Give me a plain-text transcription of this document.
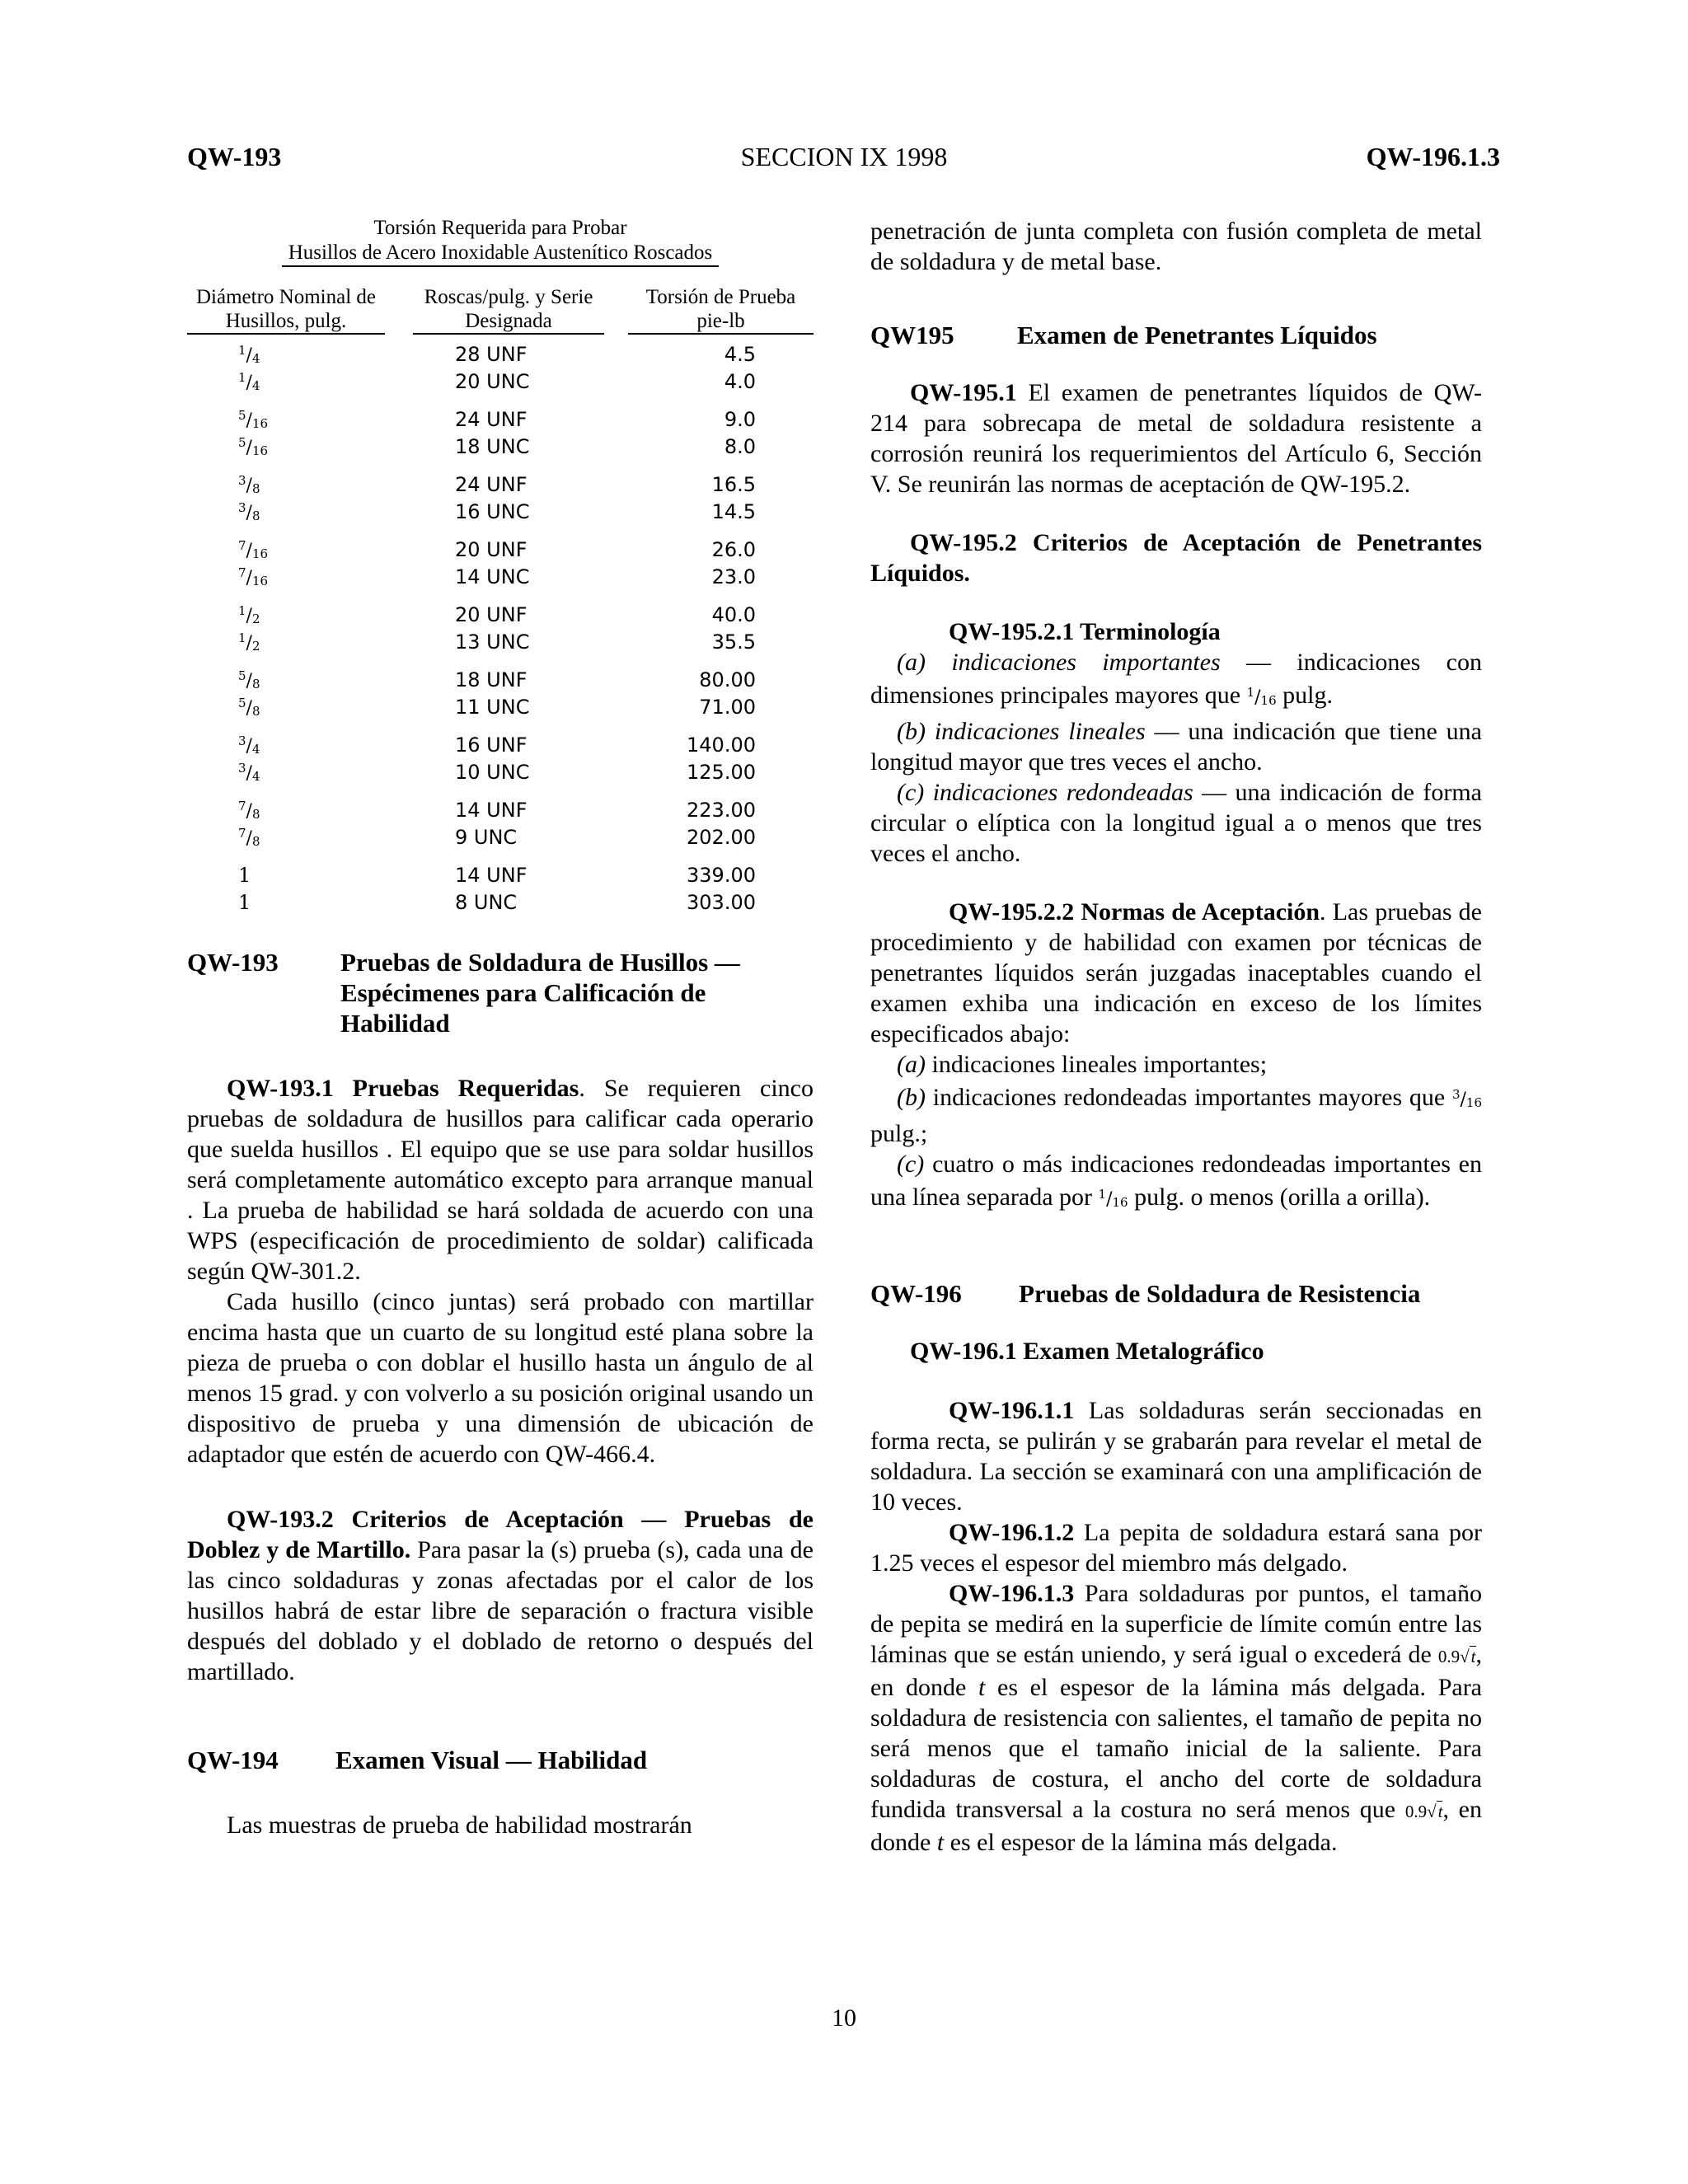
QW-193	SECCION IX 1998	QW-196.1.3
Torsión Requerida para Probar
Husillos de Acero Inoxidable Austenítico Roscados
Diámetro Nominal de
Husillos, pulg.
Roscas/pulg. y Serie
Designada
Torsión de Prueba
pie-lb
$^1/_4$	28 UNF	4.5
$^1/_4$	20 UNC	4.0
$^5/_{16}$	24 UNF	9.0
$^5/_{16}$	18 UNC	8.0
$^3/_8$	24 UNF	16.5
$^3/_8$	16 UNC	14.5
$^7/_{16}$	20 UNF	26.0
$^7/_{16}$	14 UNC	23.0
$^1/_2$	20 UNF	40.0
$^1/_2$	13 UNC	35.5
$^5/_8$	18 UNF	80.00
$^5/_8$	11 UNC	71.00
$^3/_4$	16 UNF	140.00
$^3/_4$	10 UNC	125.00
$^7/_8$	14 UNF	223.00
$^7/_8$	9 UNC	202.00
1	14 UNF	339.00
1	8 UNC	303.00
QW-193 Pruebas de Soldadura de Husillos — Espécimenes para Calificación de Habilidad

QW-193.1 Pruebas Requeridas. Se requieren cinco pruebas de soldadura de husillos para calificar cada operario que suelda husillos . El equipo que se use para soldar husillos será completamente automático excepto para arranque manual . La prueba de habilidad se hará soldada de acuerdo con una WPS (especificación de procedimiento de soldar) calificada según QW-301.2.

Cada husillo (cinco juntas) será probado con martillar encima hasta que un cuarto de su longitud esté plana sobre la pieza de prueba o con doblar el husillo hasta un ángulo de al menos 15 grad. y con volverlo a su posición original usando un dispositivo de prueba y una dimensión de ubicación de adaptador que estén de acuerdo con QW-466.4.

QW-193.2 Criterios de Aceptación — Pruebas de Doblez y de Martillo. Para pasar la (s) prueba (s), cada una de las cinco soldaduras y zonas afectadas por el calor de los husillos habrá de estar libre de separación o fractura visible después del doblado y el doblado de retorno o después del martillado.

QW-194 Examen Visual — Habilidad

Las muestras de prueba de habilidad mostrarán

penetración de junta completa con fusión completa de metal de soldadura y de metal base.

QW195 Examen de Penetrantes Líquidos

QW-195.1 El examen de penetrantes líquidos de QW-214 para sobrecapa de metal de soldadura resistente a corrosión reunirá los requerimientos del Artículo 6, Sección V. Se reunirán las normas de aceptación de QW-195.2.

QW-195.2 Criterios de Aceptación de Penetrantes Líquidos.

QW-195.2.1 Terminología

(a) indicaciones importantes — indicaciones con dimensiones principales mayores que $^1/_{16}$ pulg.

(b) indicaciones lineales — una indicación que tiene una longitud mayor que tres veces el ancho.

(c) indicaciones redondeadas — una indicación de forma circular o elíptica con la longitud igual a o menos que tres veces el ancho.

QW-195.2.2 Normas de Aceptación. Las pruebas de procedimiento y de habilidad con examen por técnicas de penetrantes líquidos serán juzgadas inaceptables cuando el examen exhiba una indicación en exceso de los límites especificados abajo:

(a) indicaciones lineales importantes;

(b) indicaciones redondeadas importantes mayores que $^3/_{16}$ pulg.;

(c) cuatro o más indicaciones redondeadas importantes en una línea separada por $^1/_{16}$ pulg. o menos (orilla a orilla).

QW-196 Pruebas de Soldadura de Resistencia

QW-196.1 Examen Metalográfico

QW-196.1.1 Las soldaduras serán seccionadas en forma recta, se pulirán y se grabarán para revelar el metal de soldadura. La sección se examinará con una amplificación de 10 veces.

QW-196.1.2 La pepita de soldadura estará sana por 1.25 veces el espesor del miembro más delgado.

QW-196.1.3 Para soldaduras por puntos, el tamaño de pepita se medirá en la superficie de límite común entre las láminas que se están uniendo, y será igual o excederá de 0.9√t, en donde t es el espesor de la lámina más delgada. Para soldadura de resistencia con salientes, el tamaño de pepita no será menos que el tamaño inicial de la saliente. Para soldaduras de costura, el ancho del corte de soldadura fundida transversal a la costura no será menos que 0.9√t, en donde t es el espesor de la lámina más delgada.

10
